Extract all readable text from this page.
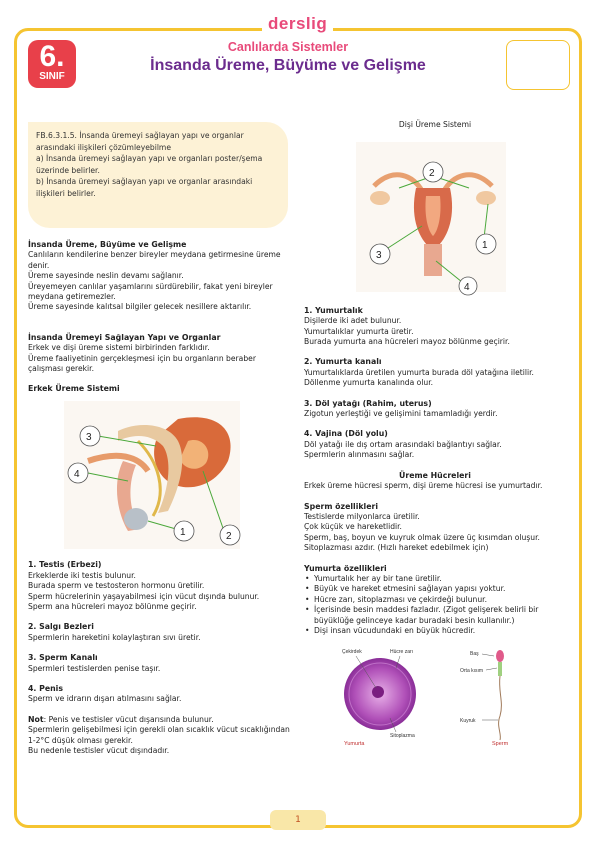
derslig
6.
SINIF
Canlılarda Sistemler
İnsanda Üreme, Büyüme ve Gelişme
FB.6.3.1.5. İnsanda üremeyi sağlayan yapı ve organlar arasındaki ilişkileri çözümleyebilme
a) İnsanda üremeyi sağlayan yapı ve organları poster/şema üzerinde belirler.
b) İnsanda üremeyi sağlayan yapı ve organlar arasındaki ilişkileri belirler.
İnsanda Üreme, Büyüme ve Gelişme
Canlıların kendilerine benzer bireyler meydana getirmesine üreme denir.
Üreme sayesinde neslin devamı sağlanır.
Üreyemeyen canlılar yaşamlarını sürdürebilir, fakat yeni bireyler meydana getiremezler.
Üreme sayesinde kalıtsal bilgiler gelecek nesillere aktarılır.
İnsanda Üremeyi Sağlayan Yapı ve Organlar
Erkek ve dişi üreme sistemi birbirinden farklıdır.
Üreme faaliyetinin gerçekleşmesi için bu organların beraber çalışması gerekir.
Erkek Üreme Sistemi
3
4
1	2
1. Testis (Erbezi)
Erkeklerde iki testis bulunur.
Burada sperm ve testosteron hormonu üretilir.
Sperm hücrelerinin yaşayabilmesi için vücut dışında bulunur.
Sperm ana hücreleri mayoz bölünme geçirir.
2. Salgı Bezleri
Spermlerin hareketini kolaylaştıran sıvı üretir.
3. Sperm Kanalı
Spermleri testislerden penise taşır.
4. Penis
Sperm ve idrarın dışarı atılmasını sağlar.
Not: Penis ve testisler vücut dışarısında bulunur.
Spermlerin gelişebilmesi için gerekli olan sıcaklık vücut sıcaklığından 1-2°C düşük olması gerekir.
Bu nedenle testisler vücut dışındadır.
Dişi Üreme Sistemi
2
1
3
4
1. Yumurtalık
Dişilerde iki adet bulunur.
Yumurtalıklar yumurta üretir.
Burada yumurta ana hücreleri mayoz bölünme geçirir.
2. Yumurta kanalı
Yumurtalıklarda üretilen yumurta burada döl yatağına iletilir.
Döllenme yumurta kanalında olur.
3. Döl yatağı (Rahim, uterus)
Zigotun yerleştiği ve gelişimini tamamladığı yerdir.
4. Vajina (Döl yolu)
Döl yatağı ile dış ortam arasındaki bağlantıyı sağlar.
Spermlerin alınmasını sağlar.
Üreme Hücreleri
Erkek üreme hücresi sperm, dişi üreme hücresi ise yumurtadır.
Sperm özellikleri
Testislerde milyonlarca üretilir.
Çok küçük ve hareketlidir.
Sperm, baş, boyun ve kuyruk olmak üzere üç kısımdan oluşur.
Sitoplazması azdır. (Hızlı hareket edebilmek için)
Yumurta özellikleri
• Yumurtalık her ay bir tane üretilir.
• Büyük ve hareket etmesini sağlayan yapısı yoktur.
• Hücre zarı, sitoplazması ve çekirdeği bulunur.
• İçerisinde besin maddesi fazladır. (Zigot gelişerek belirli bir büyüklüğe gelinceye kadar buradaki besin kullanılır.)
• Dişi insan vücudundaki en büyük hücredir.
Çekirdek	Hücre zarı
Sitoplazma
Yumurta
Baş
Orta kısım
Kuyruk
Sperm
1
